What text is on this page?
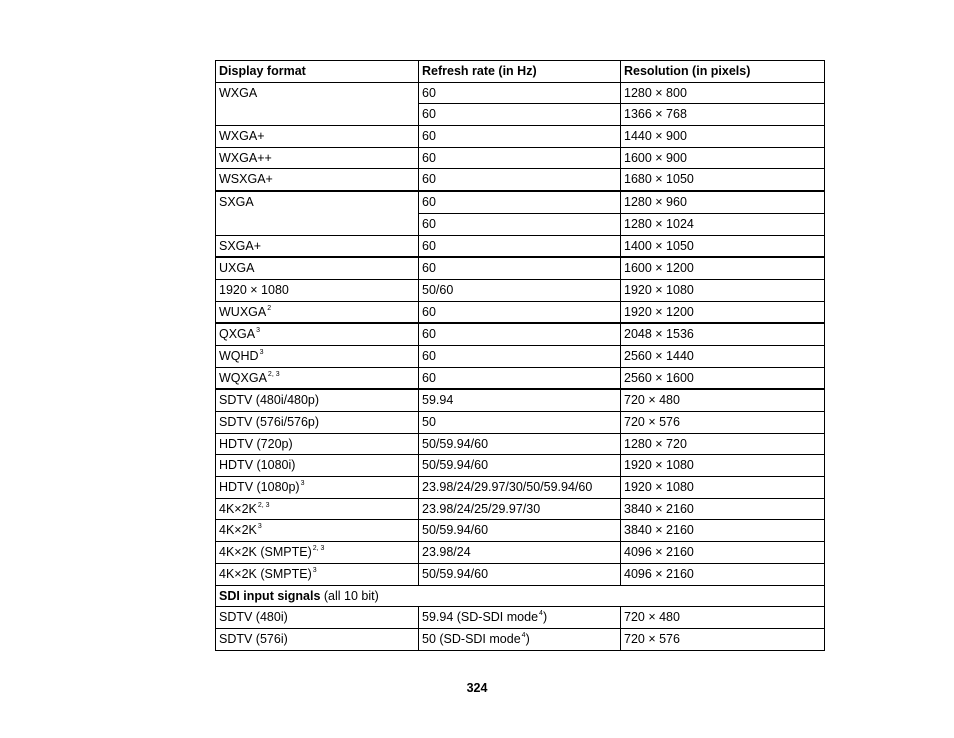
Display format	Refresh rate (in Hz)	Resolution (in pixels)
WXGA	60	1280 × 800
	60	1366 × 768
WXGA+	60	1440 × 900
WXGA++	60	1600 × 900
WSXGA+	60	1680 × 1050
SXGA	60	1280 × 960
	60	1280 × 1024
SXGA+	60	1400 × 1050
UXGA	60	1600 × 1200
1920 × 1080	50/60	1920 × 1080
WUXGA$^2$	60	1920 × 1200
QXGA$^3$	60	2048 × 1536
WQHD$^3$	60	2560 × 1440
WQXGA$^{2, 3}$	60	2560 × 1600
SDTV (480i/480p)	59.94	720 × 480
SDTV (576i/576p)	50	720 × 576
HDTV (720p)	50/59.94/60	1280 × 720
HDTV (1080i)	50/59.94/60	1920 × 1080
HDTV $(1080p)^3$	23.98/24/29.97/30/50/59.94/60	1920 × 1080
$4K\times 2K^{2, 3}$	23.98/24/25/29.97/30	3840 × 2160
$4K\times 2K^3$	50/59.94/60	3840 × 2160
4K×2K (SMPTE)$^{2, 3}$	23.98/24	4096 × 2160
4K×2K (SMPTE)$^3$	50/59.94/60	4096 × 2160
SDI input signals (all 10 bit)		
SDTV (480i)	59.94 (SD-SDI mode$^4$)	720 × 480
SDTV (576i)	50 (SD-SDI mode$^4$)	720 × 576
324
